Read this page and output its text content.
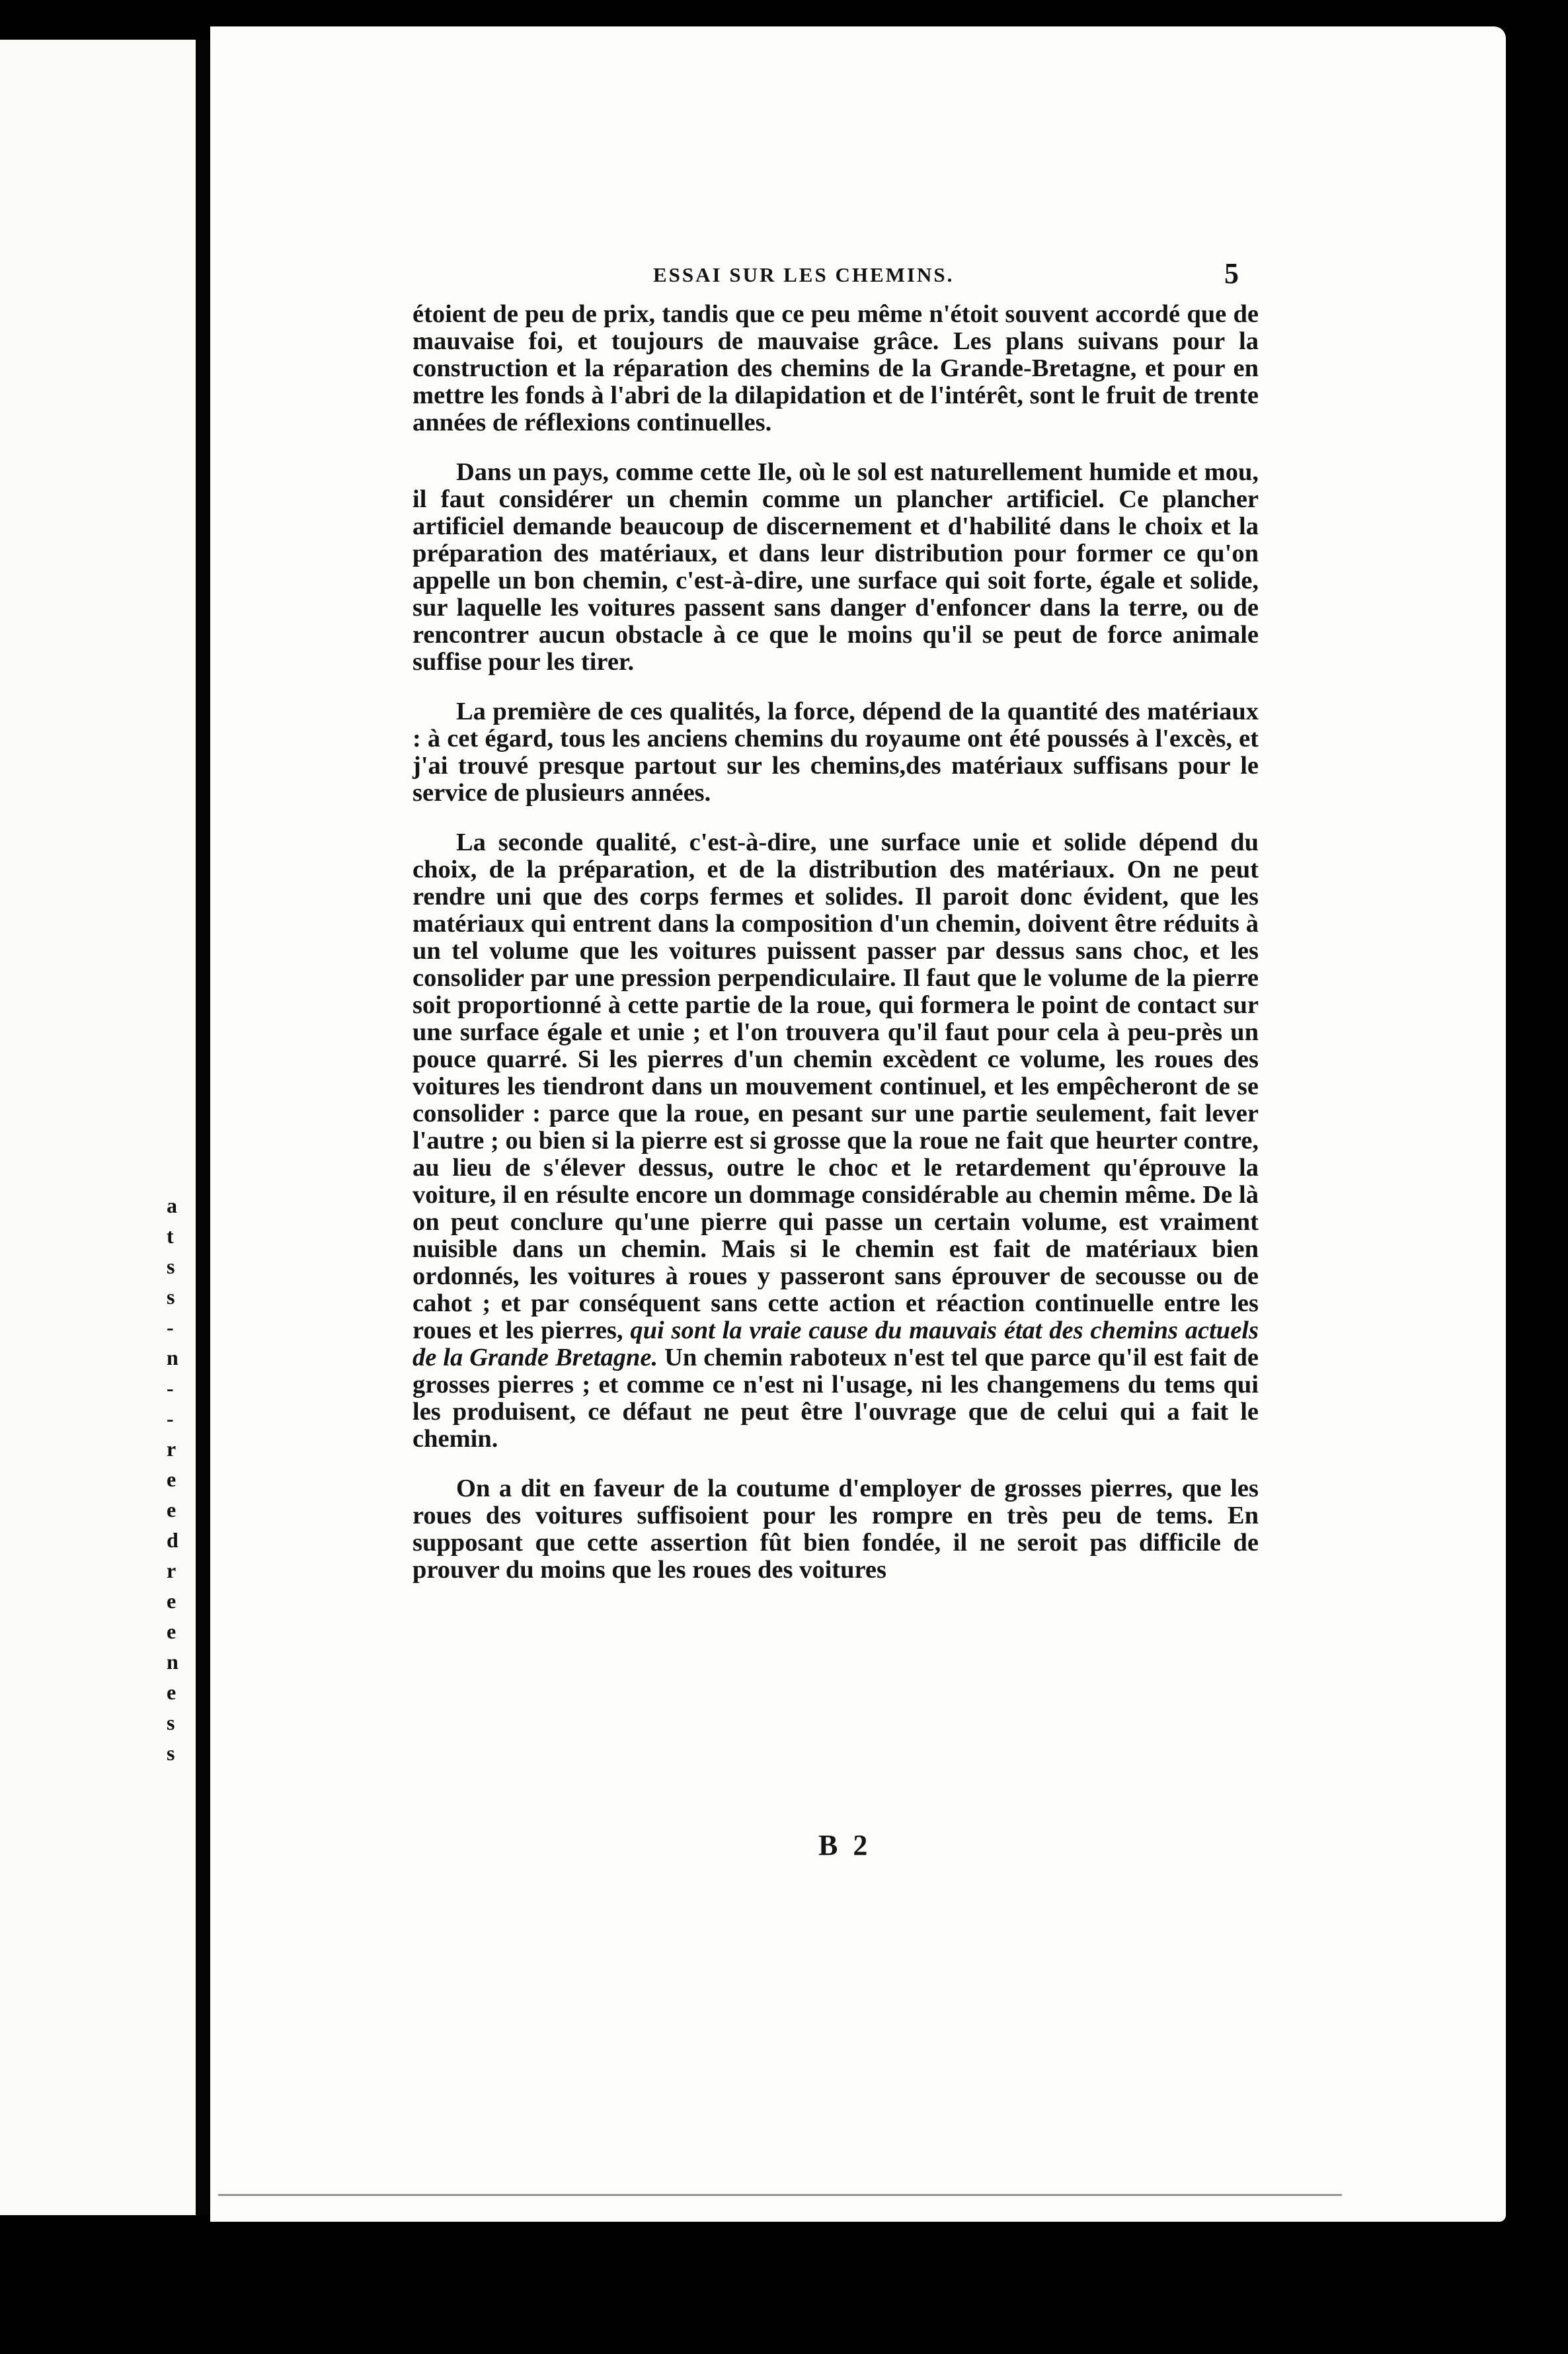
a
t
s
s
-
n
-
-
r
e
e
d
r
e
e
n
e
s
s
ESSAI SUR LES CHEMINS.	5

étoient de peu de prix, tandis que ce peu même n'étoit souvent accordé que de mauvaise foi, et toujours de mauvaise grâce. Les plans suivans pour la construction et la réparation des chemins de la Grande-Bretagne, et pour en mettre les fonds à l'abri de la dilapidation et de l'intérêt, sont le fruit de trente années de réflexions continuelles.

Dans un pays, comme cette Ile, où le sol est naturellement humide et mou, il faut considérer un chemin comme un plancher artificiel. Ce plancher artificiel demande beaucoup de discernement et d'habilité dans le choix et la préparation des matériaux, et dans leur distribution pour former ce qu'on appelle un bon chemin, c'est-à-dire, une surface qui soit forte, égale et solide, sur laquelle les voitures passent sans danger d'enfoncer dans la terre, ou de rencontrer aucun obstacle à ce que le moins qu'il se peut de force animale suffise pour les tirer.

La première de ces qualités, la force, dépend de la quantité des matériaux : à cet égard, tous les anciens chemins du royaume ont été poussés à l'excès, et j'ai trouvé presque partout sur les chemins,des matériaux suffisans pour le service de plusieurs années.

La seconde qualité, c'est-à-dire, une surface unie et solide dépend du choix, de la préparation, et de la distribution des matériaux. On ne peut rendre uni que des corps fermes et solides. Il paroit donc évident, que les matériaux qui entrent dans la composition d'un chemin, doivent être réduits à un tel volume que les voitures puissent passer par dessus sans choc, et les consolider par une pression perpendiculaire. Il faut que le volume de la pierre soit proportionné à cette partie de la roue, qui formera le point de contact sur une surface égale et unie ; et l'on trouvera qu'il faut pour cela à peu-près un pouce quarré. Si les pierres d'un chemin excèdent ce volume, les roues des voitures les tiendront dans un mouvement continuel, et les empêcheront de se consolider : parce que la roue, en pesant sur une partie seulement, fait lever l'autre ; ou bien si la pierre est si grosse que la roue ne fait que heurter contre, au lieu de s'élever dessus, outre le choc et le retardement qu'éprouve la voiture, il en résulte encore un dommage considérable au chemin même. De là on peut conclure qu'une pierre qui passe un certain volume, est vraiment nuisible dans un chemin. Mais si le chemin est fait de matériaux bien ordonnés, les voitures à roues y passeront sans éprouver de secousse ou de cahot ; et par conséquent sans cette action et réaction continuelle entre les roues et les pierres, qui sont la vraie cause du mauvais état des chemins actuels de la Grande Bretagne. Un chemin raboteux n'est tel que parce qu'il est fait de grosses pierres ; et comme ce n'est ni l'usage, ni les changemens du tems qui les produisent, ce défaut ne peut être l'ouvrage que de celui qui a fait le chemin.

On a dit en faveur de la coutume d'employer de grosses pierres, que les roues des voitures suffisoient pour les rompre en très peu de tems. En supposant que cette assertion fût bien fondée, il ne seroit pas difficile de prouver du moins que les roues des voitures

B 2
